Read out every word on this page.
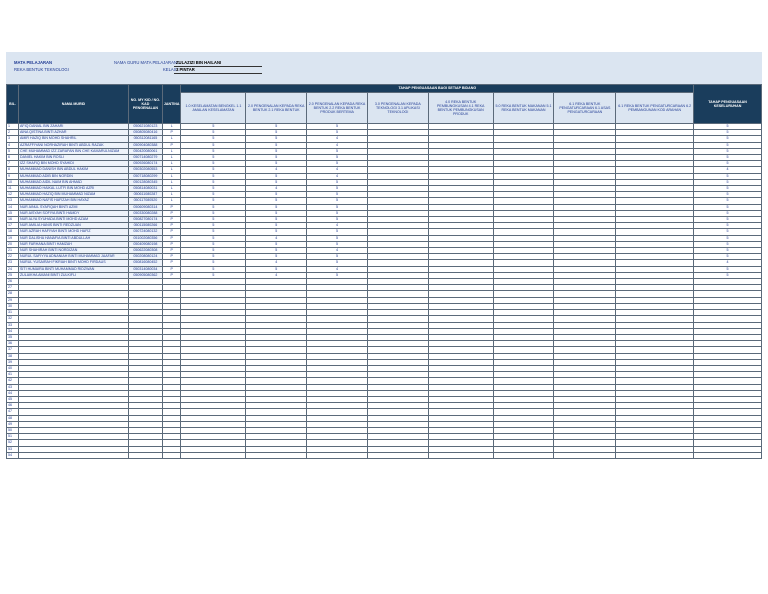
MATA PELAJARAN
REKA BENTUK TEKNOLOGI
NAMA GURU MATA PELAJARAN :
ZULAZIZI BIN HAILANI
KELAS :
3 PINTAR
BIL.	NAMA MURID	NO. MY KID / NO. KAD PENGENALAN	JANTINA	TAHAP PENGUASAAN BAGI SETIAP BIDANG								TAHAP PENGUASAAN KESELURUHAN
				1.0 KESELAMATAN BENGKEL 1.1 AMALAN KESELAMATAN	2.0 PENGENALAN KEPADA REKA BENTUK 2.1 REKA BENTUK	2.0 PENGENALAN KEPADA REKA BENTUK 2.2 REKA BENTUK PRODUK BERTEMA	3.0 PENGENALAN KEPADA TEKNOLOGI 3.1 APLIKASI TEKNOLOGI	4.0 REKA BENTUK PEMBUNGKUSAN 4.1 REKA BENTUK PEMBUNGKUSAN PRODUK	5.0 REKA BENTUK MAKANAN 5.1 REKA BENTUK MAKANAN	6.1 REKA BENTUK PENGATURCARAAN 6.1 ASAS PENGATURCARAAN	6.1 REKA BENTUK PENGATURCARAAN 6.2 PEMBANGUNAN KOD ARAHAN	
1	AFIQ DANIAL BIN ZAHARI	050621080123	L	5	5	5						5
2	AINA QISTINA BINTI AZHAR	050805080416	P	5	5	5						5
3	AMIR HAZIQ BIN MOHD SHAHRIL	050312081165	L	5	5	4						5
4	AZRAFFIYANI NORHAZIRAH BINTI ABDUL RAZAK	050904080388	P	5	5	4						5
5	CHE MUHAMMAD IZZ ZARAFAN BIN CHE KAMARULNIZAM	050420080061	L	5	5	5						5
6	DANIEL HAKIM BIN ROSLI	050714080279	L	5	5	5						5
7	IZZ SHAFIQ BIN MOHD SYAHIDI	050926080174	L	5	5	5						5
8	MUHAMMAD DANISH BIN ABDUL HAKIM	050302080553	L	5	4	4						4
9	MUHAMMAD ADIB BIN NORDIN	050718080299	L	5	5	4						5
10	MUHAMMAD AIDIL NAIM BIN AHMAD	050128080345	L	5	5	5						5
11	MUHAMMAD HAIKAL LUTFI BIN MOHD AZRI	050814080031	L	5	4	5						5
12	MUHAMMAD HAZIQ BIN MUHAMMAD NIZAM	050611080287	L	5	5	5						5
13	MUHAMMAD NAFIS HAFIZAH BIN HAYAZ	050117080520	L	5	5	5						5
14	NUR AINUL SYAFIQAH BINTI AZMI	050609080314	P	5	5	5						5
15	NUR AISYAH SOFIYA BINTI HAMDY	050330080288	P	5	5	5						5
16	NUR ALYA SYUHADA BINTI MOHD AZAM	050827080174	P	5	5	5						5
17	NUR AMILIA HANIS BINTI REDZUAN	050115080266	P	5	5	4						5
18	NUR AZRAH HAFIYAH BINTI MOHD HAFIZ	050724080132	P	5	5	5						5
19	NUR DALISHA HANAFIA BINTI ABDULLAH	051002080356	P	5	4	5						5
20	NUR FARHANA BINTI HAMZAH	050409080198	P	5	5	5						5
21	NUR SHAHIRAH BINTI NORDIZAN	050622080308	P	5	5	4						5
22	NURUL SAFIYYA ADNANIAH BINTI MUHAMMAD JAAFAR	050208080124	P	5	5	5						5
23	NURUL YUSAIRAH FIKRIAH BINTI MOHD FIRDAUS	050816080452	P	5	4	5						4
24	SITI HUMAIRA BINTI MUHAMMAD RIDZWAN	050314080034	P	5	5	4						5
25	ZULAIKHA AMANI BINTI ZULKIFLI	050905080362	P	5	4	5						5
26												
27												
28												
29												
30												
31												
32												
33												
34												
35												
36												
37												
38												
39												
40												
41												
42												
43												
44												
45												
46												
47												
48												
49												
50												
51												
52												
53												
54												
